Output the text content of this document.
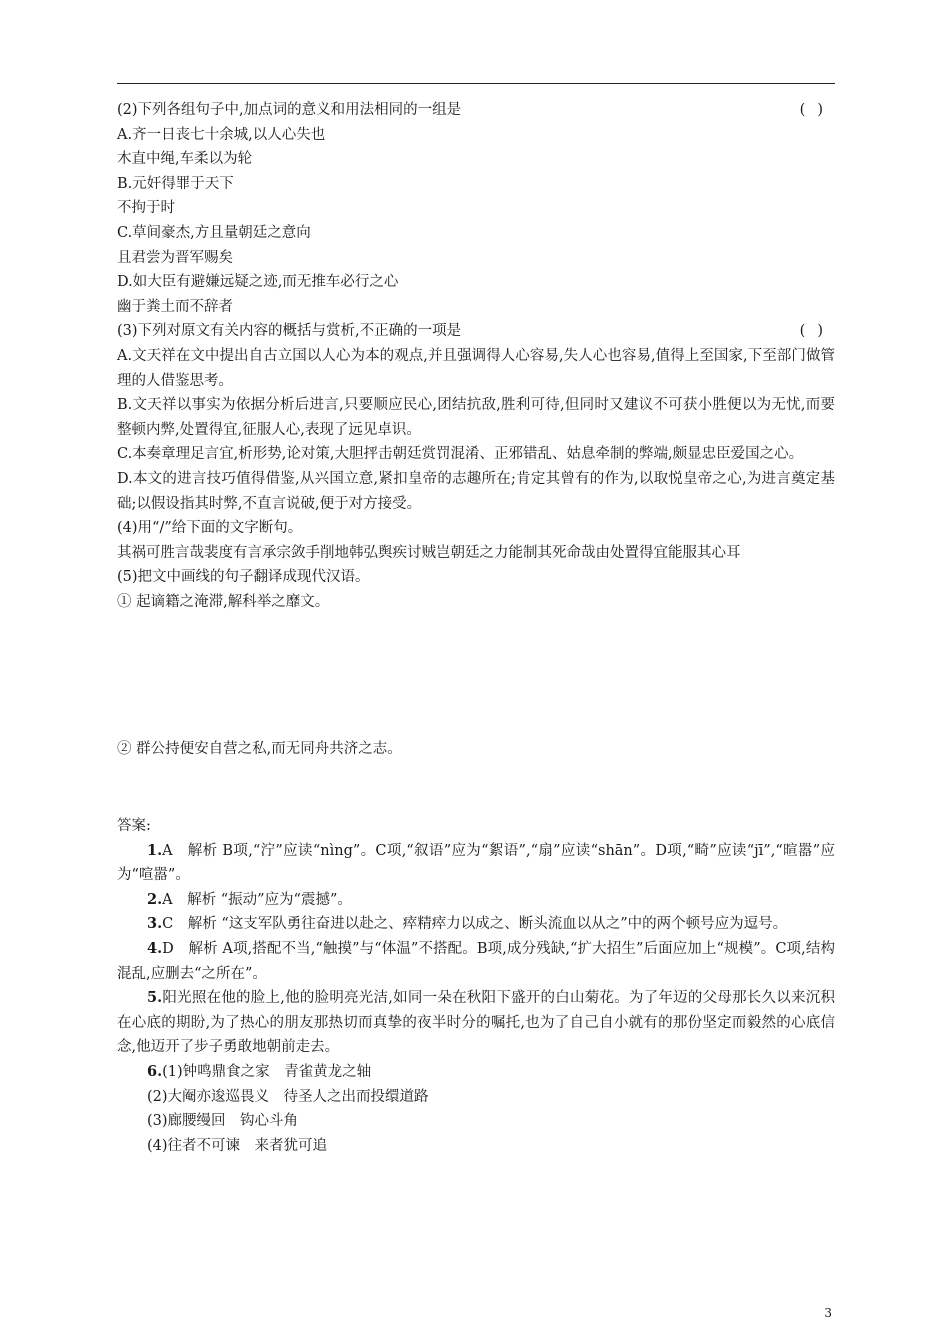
(2)下列各组句子中,加点词的意义和用法相同的一组是	()
A.齐一日丧七十余城,以人心失也
木直中绳,车柔以为轮
B.元奸得罪于天下
不拘于时
C.草间豪杰,方且量朝廷之意向
且君尝为晋军赐矣
D.如大臣有避嫌远疑之迹,而无推车必行之心
幽于粪土而不辞者
(3)下列对原文有关内容的概括与赏析,不正确的一项是	()
A.文天祥在文中提出自古立国以人心为本的观点,并且强调得人心容易,失人心也容易,值得上至国家,下至部门做管理的人借鉴思考。
B.文天祥以事实为依据分析后进言,只要顺应民心,团结抗敌,胜利可待,但同时又建议不可获小胜便以为无忧,而要整顿内弊,处置得宜,征服人心,表现了远见卓识。
C.本奏章理足言宜,析形势,论对策,大胆抨击朝廷赏罚混淆、正邪错乱、姑息牵制的弊端,颇显忠臣爱国之心。
D.本文的进言技巧值得借鉴,从兴国立意,紧扣皇帝的志趣所在;肯定其曾有的作为,以取悦皇帝之心,为进言奠定基础;以假设指其时弊,不直言说破,便于对方接受。
(4)用“/”给下面的文字断句。
其祸可胜言哉裴度有言承宗敛手削地韩弘舆疾讨贼岂朝廷之力能制其死命哉由处置得宜能服其心耳
(5)把文中画线的句子翻译成现代汉语。
① 起谪籍之淹滞,解科举之靡文。
② 群公持便安自营之私,而无同舟共济之志。
答案:
1.A　解析 B项,“泞”应读“nìng”。C项,“叙语”应为“絮语”,“扇”应读“shān”。D项,“畸”应读“jī”,“暄嚣”应为“喧嚣”。
2.A　解析 “振动”应为“震撼”。
3.C　解析 “这支军队勇往奋进以赴之、瘁精瘁力以成之、断头流血以从之”中的两个顿号应为逗号。
4.D　解析 A项,搭配不当,“触摸”与“体温”不搭配。B项,成分残缺,“扩大招生”后面应加上“规模”。C项,结构混乱,应删去“之所在”。
5.阳光照在他的脸上,他的脸明亮光洁,如同一朵在秋阳下盛开的白山菊花。为了年迈的父母那长久以来沉积在心底的期盼,为了热心的朋友那热切而真挚的夜半时分的嘱托,也为了自己自小就有的那份坚定而毅然的心底信念,他迈开了步子勇敢地朝前走去。
6.(1)钟鸣鼎食之家　青雀黄龙之轴
(2)大阉亦逡巡畏义　待圣人之出而投缳道路
(3)廊腰缦回　钩心斗角
(4)往者不可谏　来者犹可追
3
